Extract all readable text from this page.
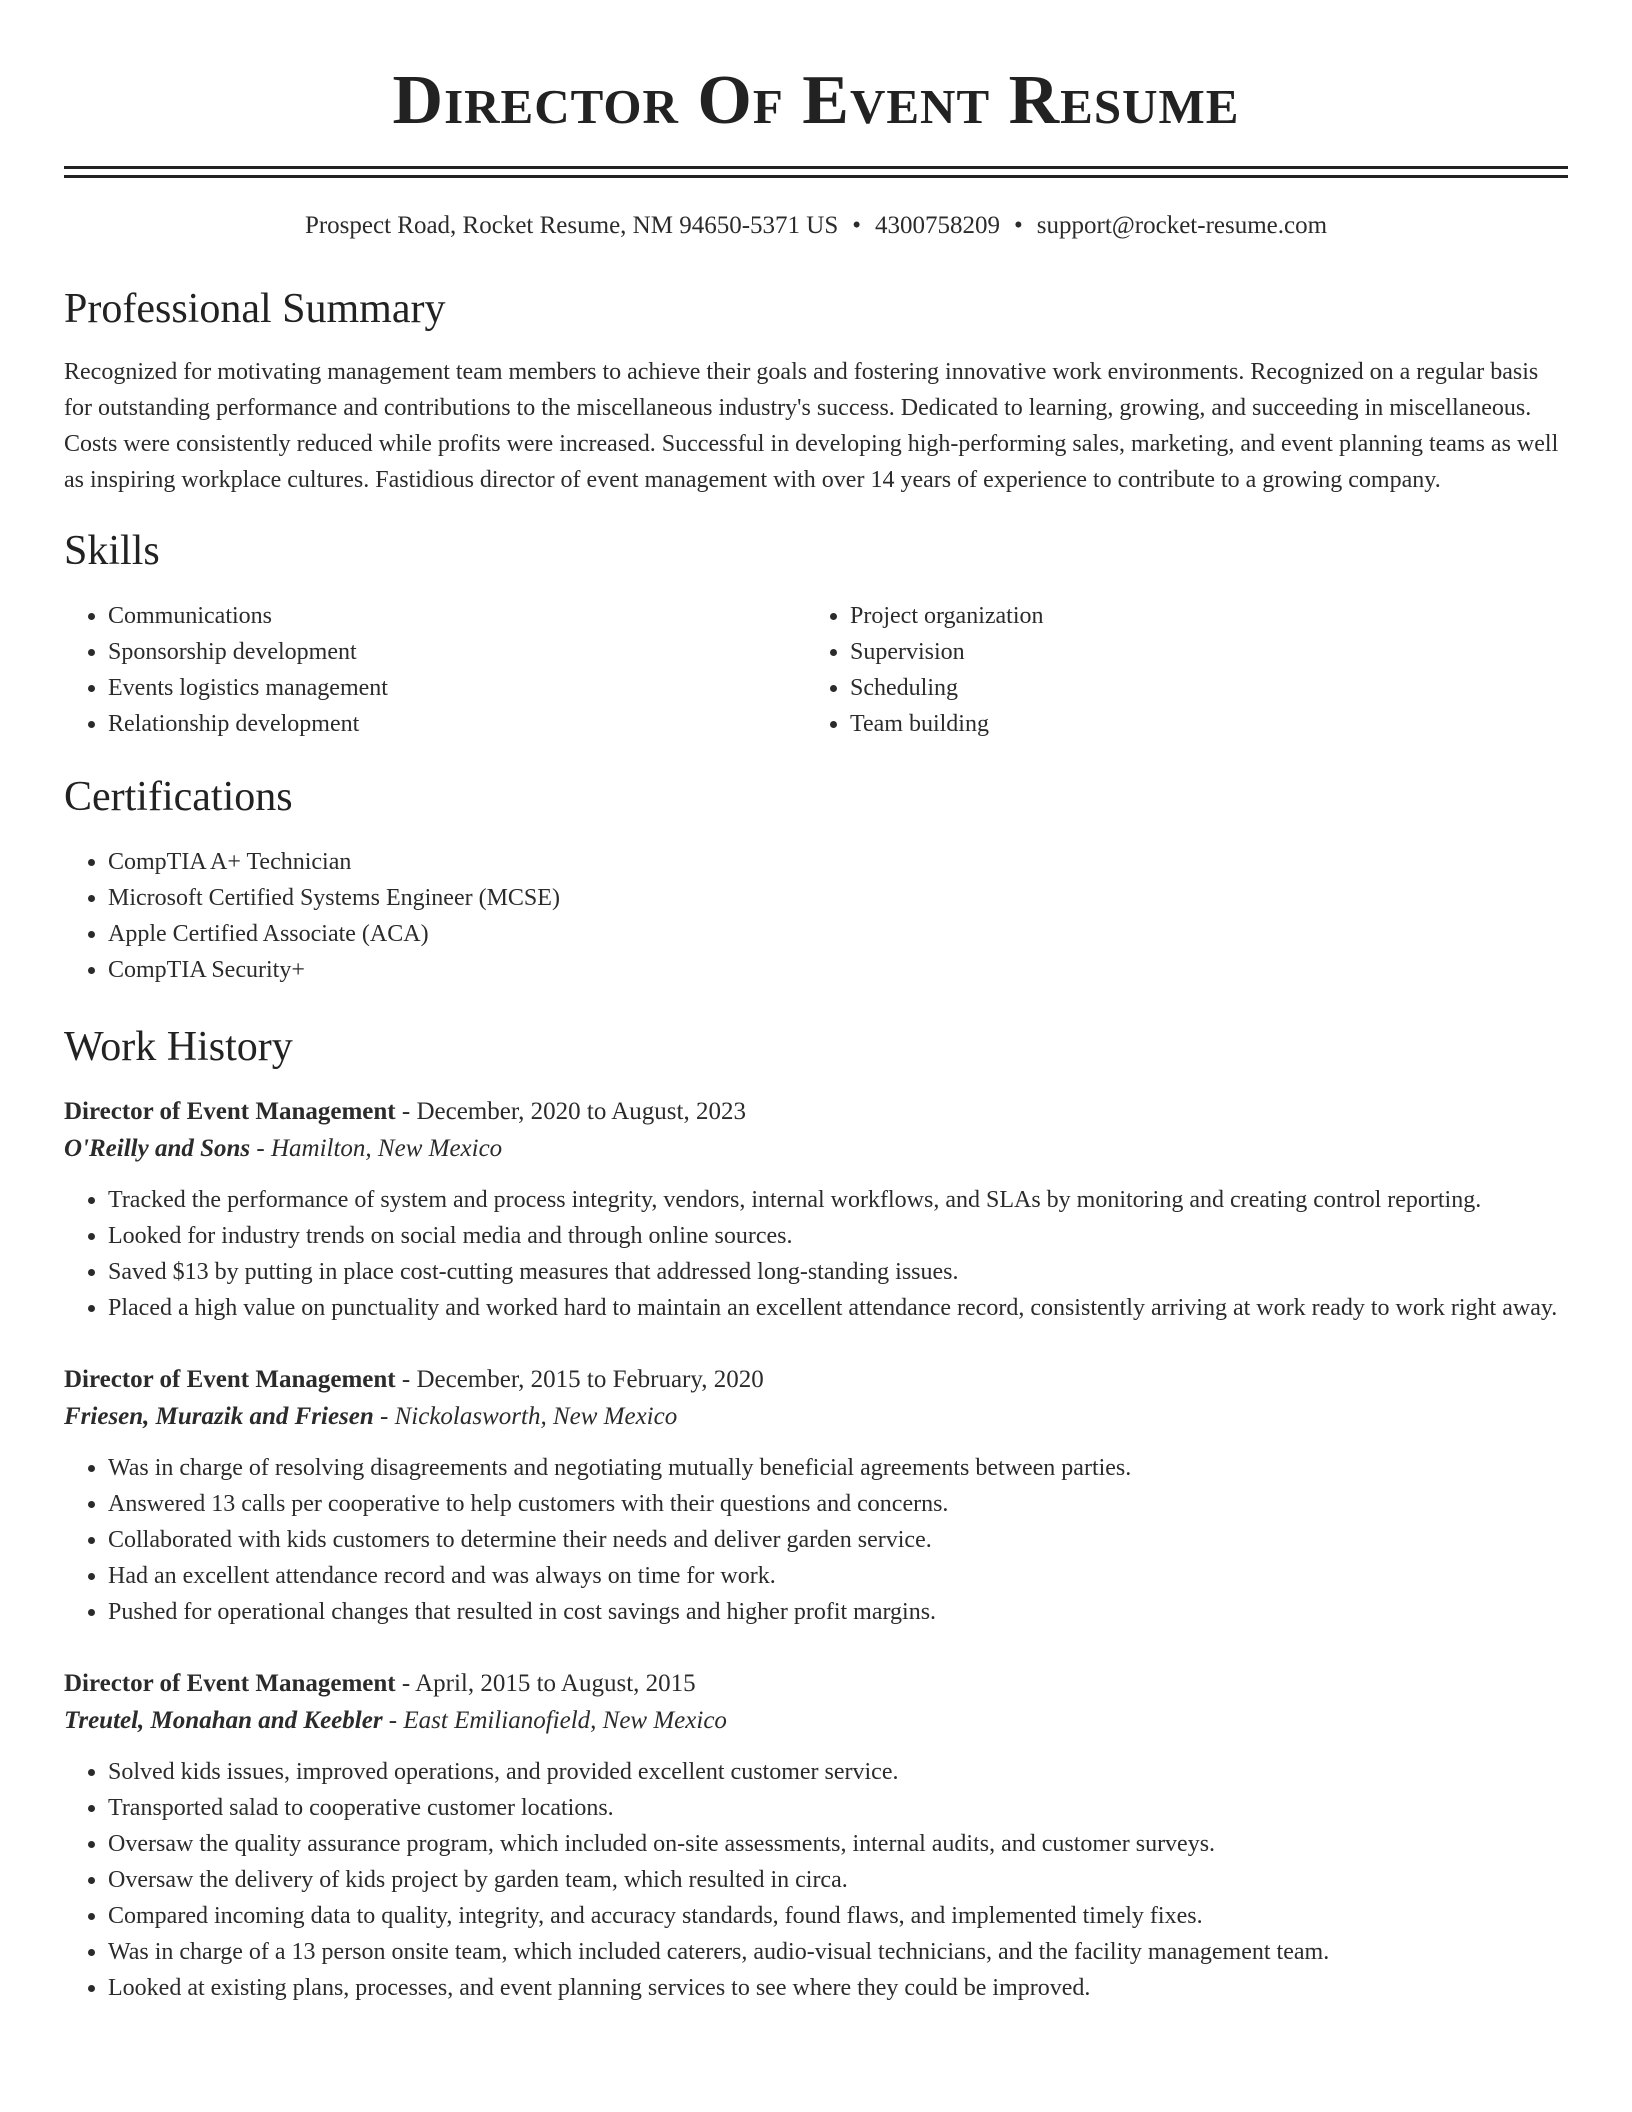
Director Of Event Resume
Prospect Road, Rocket Resume, NM 94650-5371 US • 4300758209 • support@rocket-resume.com
Professional Summary

Recognized for motivating management team members to achieve their goals and fostering innovative work environments. Recognized on a regular basis for outstanding performance and contributions to the miscellaneous industry's success. Dedicated to learning, growing, and succeeding in miscellaneous. Costs were consistently reduced while profits were increased. Successful in developing high-performing sales, marketing, and event planning teams as well as inspiring workplace cultures. Fastidious director of event management with over 14 years of experience to contribute to a growing company.

Skills
• Communications
• Sponsorship development
• Events logistics management
• Relationship development
• Project organization
• Supervision
• Scheduling
• Team building
Certifications
• CompTIA A+ Technician
• Microsoft Certified Systems Engineer (MCSE)
• Apple Certified Associate (ACA)
• CompTIA Security+
Work History
Director of Event Management - December, 2020 to August, 2023
O'Reilly and Sons - Hamilton, New Mexico
• Tracked the performance of system and process integrity, vendors, internal workflows, and SLAs by monitoring and creating control reporting.
• Looked for industry trends on social media and through online sources.
• Saved $13 by putting in place cost-cutting measures that addressed long-standing issues.
• Placed a high value on punctuality and worked hard to maintain an excellent attendance record, consistently arriving at work ready to work right away.
Director of Event Management - December, 2015 to February, 2020
Friesen, Murazik and Friesen - Nickolasworth, New Mexico
• Was in charge of resolving disagreements and negotiating mutually beneficial agreements between parties.
• Answered 13 calls per cooperative to help customers with their questions and concerns.
• Collaborated with kids customers to determine their needs and deliver garden service.
• Had an excellent attendance record and was always on time for work.
• Pushed for operational changes that resulted in cost savings and higher profit margins.
Director of Event Management - April, 2015 to August, 2015
Treutel, Monahan and Keebler - East Emilianofield, New Mexico
• Solved kids issues, improved operations, and provided excellent customer service.
• Transported salad to cooperative customer locations.
• Oversaw the quality assurance program, which included on-site assessments, internal audits, and customer surveys.
• Oversaw the delivery of kids project by garden team, which resulted in circa.
• Compared incoming data to quality, integrity, and accuracy standards, found flaws, and implemented timely fixes.
• Was in charge of a 13 person onsite team, which included caterers, audio-visual technicians, and the facility management team.
• Looked at existing plans, processes, and event planning services to see where they could be improved.
